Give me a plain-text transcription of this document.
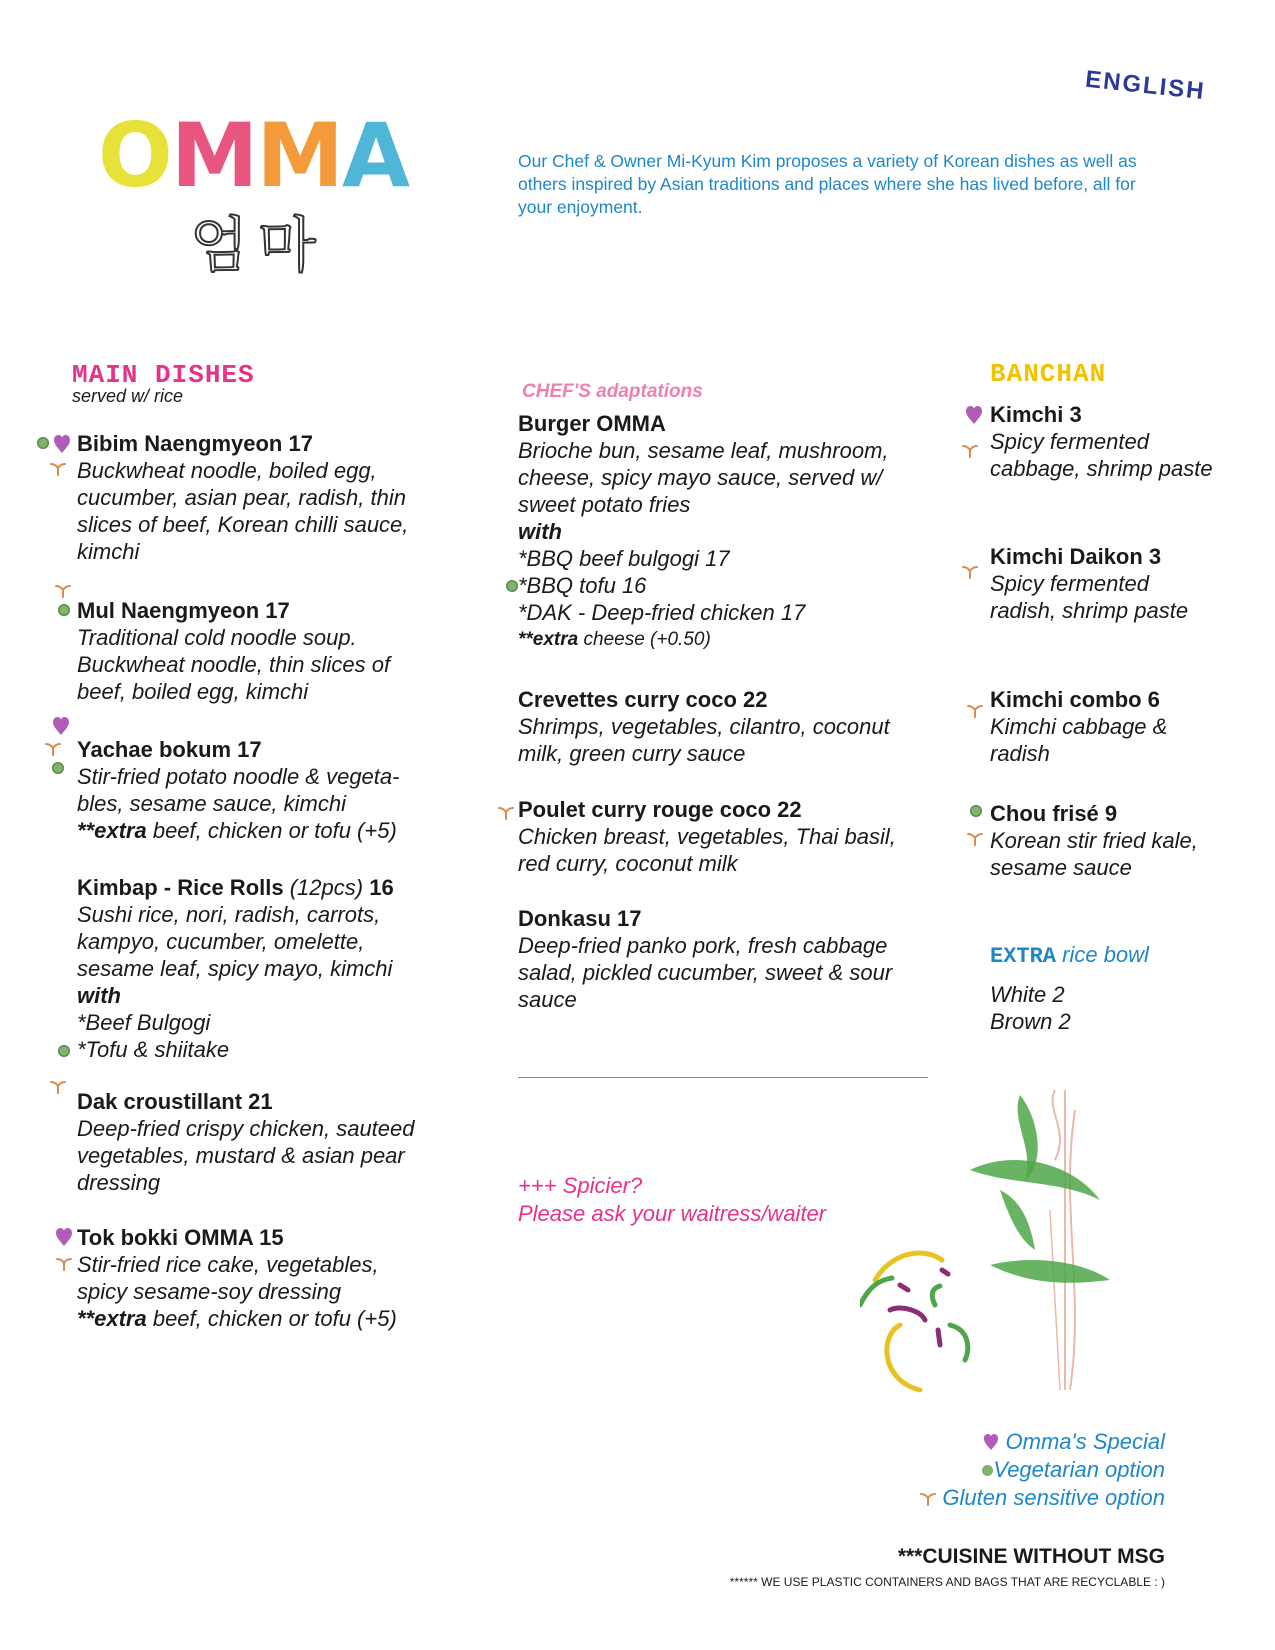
ENGLISH
OMMA
엄마
Our Chef & Owner Mi-Kyum Kim proposes a variety of Korean dishes as well as others inspired by Asian traditions and places where she has lived before, all for your enjoyment.
MAIN DISHES
served w/ rice
Bibim Naengmyeon 17
Buckwheat noodle, boiled egg, cucumber, asian pear, radish, thin slices of beef, Korean chilli sauce, kimchi
Mul Naengmyeon 17
Traditional cold noodle soup. Buckwheat noodle, thin slices of beef, boiled egg, kimchi
Yachae bokum 17
Stir-fried potato noodle & vegeta- bles, sesame sauce, kimchi
**extra beef, chicken or tofu (+5)
Kimbap - Rice Rolls (12pcs) 16
Sushi rice, nori, radish, carrots, kampyo, cucumber, omelette, sesame leaf, spicy mayo, kimchi
with
*Beef Bulgogi
*Tofu & shiitake
Dak croustillant 21
Deep-fried crispy chicken, sauteed vegetables, mustard & asian pear dressing
Tok bokki OMMA 15
Stir-fried rice cake, vegetables, spicy sesame-soy dressing
**extra beef, chicken or tofu (+5)
CHEF'S adaptations
Burger OMMA
Brioche bun, sesame leaf, mushroom, cheese, spicy mayo sauce, served w/ sweet potato fries
with
*BBQ beef bulgogi 17
*BBQ tofu 16
*DAK - Deep-fried chicken 17
**extra cheese (+0.50)
Crevettes curry coco 22
Shrimps, vegetables, cilantro, coconut milk, green curry sauce
Poulet curry rouge coco 22
Chicken breast, vegetables, Thai basil, red curry, coconut milk
Donkasu 17
Deep-fried panko pork, fresh cabbage salad, pickled cucumber, sweet & sour sauce
+++ Spicier?
Please ask your waitress/waiter
BANCHAN
Kimchi 3
Spicy fermented cabbage, shrimp paste
Kimchi Daikon 3
Spicy fermented radish, shrimp paste
Kimchi combo 6
Kimchi cabbage & radish
Chou frisé 9
Korean stir fried kale, sesame sauce
EXTRA rice bowl
White 2
Brown 2
Omma's Special
Vegetarian option
Gluten sensitive option
***CUISINE WITHOUT MSG
****** WE USE PLASTIC CONTAINERS AND BAGS THAT ARE RECYCLABLE : )
